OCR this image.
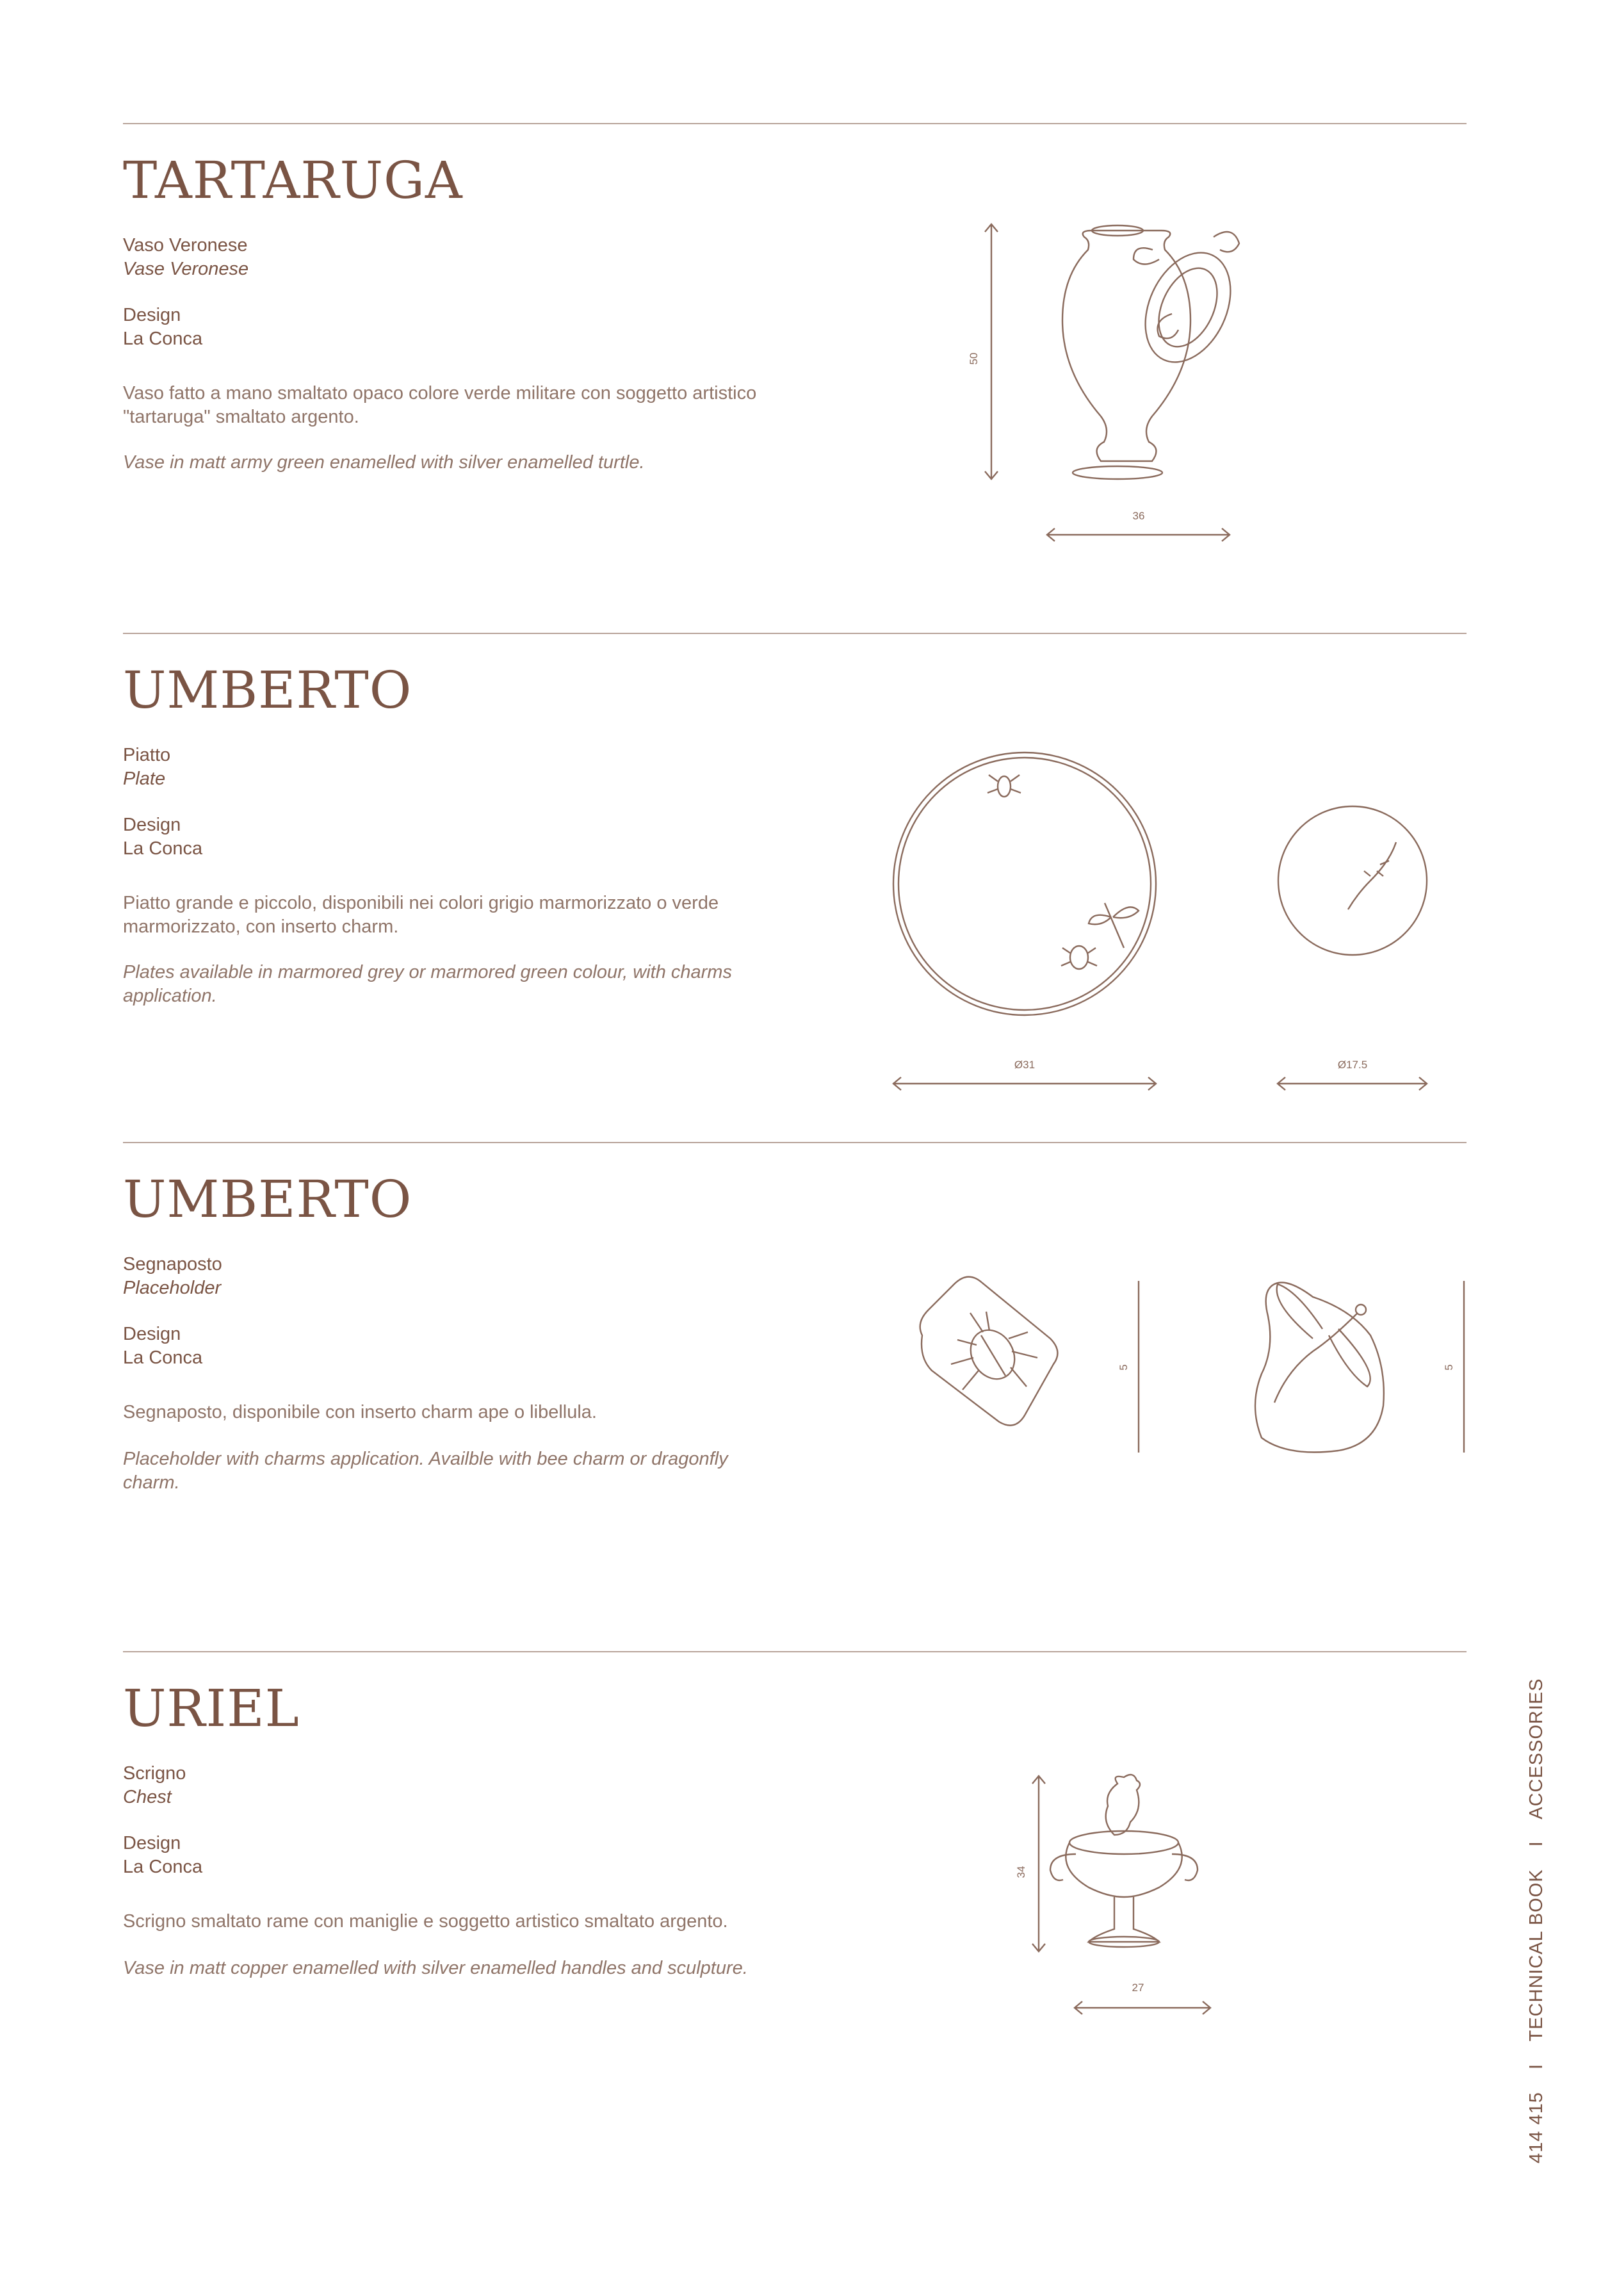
TARTARUGA
Vaso Veronese
Vase Veronese
Design
La Conca
Vaso fatto a mano smaltato opaco colore verde militare con soggetto artistico "tartaruga" smaltato argento.
Vase in matt army green enamelled with silver enamelled turtle.
50
36
UMBERTO
Piatto
Plate
Design
La Conca
Piatto grande e piccolo, disponibili nei colori grigio marmorizzato o verde marmorizzato, con inserto charm.
Plates available in marmored grey or marmored green colour, with charms application.
Ø31	Ø17.5
UMBERTO
Segnaposto
Placeholder
Design
La Conca
Segnaposto, disponibile con inserto charm ape o libellula.
Placeholder with charms application. Availble with bee charm or dragonfly charm.
5	5
URIEL
Scrigno
Chest
Design
La Conca
Scrigno smaltato rame con maniglie e soggetto artistico smaltato argento.
Vase in matt copper enamelled with silver enamelled handles and sculpture.
34
27
414 415 I TECHNICAL BOOK I ACCESSORIES
